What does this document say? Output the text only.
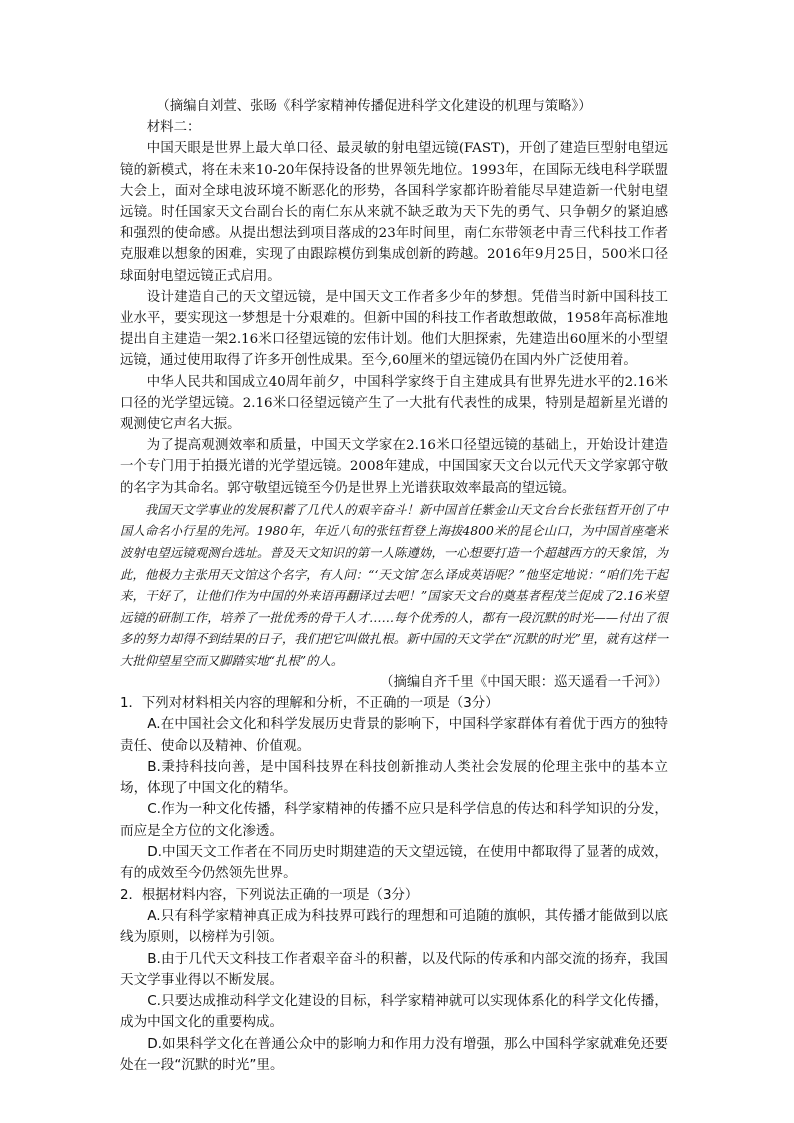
（摘编自刘萱、张旸《科学家精神传播促进科学文化建设的机理与策略》）

材料二：

中国天眼是世界上最大单口径、最灵敏的射电望远镜(FAST)，开创了建造巨型射电望远镜的新模式，将在未来10-20年保持设备的世界领先地位。1993年，在国际无线电科学联盟大会上，面对全球电波环境不断恶化的形势，各国科学家都许盼着能尽早建造新一代射电望远镜。时任国家天文台副台长的南仁东从来就不缺乏敢为天下先的勇气、只争朝夕的紧迫感和强烈的使命感。从提出想法到项目落成的23年时间里，南仁东带领老中青三代科技工作者克服难以想象的困难，实现了由跟踪模仿到集成创新的跨越。2016年9月25日，500米口径球面射电望远镜正式启用。

设计建造自己的天文望远镜，是中国天文工作者多少年的梦想。凭借当时新中国科技工业水平，要实现这一梦想是十分艰难的。但新中国的科技工作者敢想敢做，1958年高标准地提出自主建造一架2.16米口径望远镜的宏伟计划。他们大胆探索，先建造出60厘米的小型望远镜，通过使用取得了许多开创性成果。至今,60厘米的望远镜仍在国内外广泛使用着。

中华人民共和国成立40周年前夕，中国科学家终于自主建成具有世界先进水平的2.16米口径的光学望远镜。2.16米口径望远镜产生了一大批有代表性的成果，特别是超新星光谱的观测使它声名大振。

为了提高观测效率和质量，中国天文学家在2.16米口径望远镜的基础上，开始设计建造一个专门用于拍摄光谱的光学望远镜。2008年建成，中国国家天文台以元代天文学家郭守敬的名字为其命名。郭守敬望远镜至今仍是世界上光谱获取效率最高的望远镜。

我国天文学事业的发展积蓄了几代人的艰辛奋斗！新中国首任紫金山天文台台长张钰哲开创了中国人命名小行星的先河。1980年，年近八旬的张钰哲登上海拔4800米的昆仑山口，为中国首座毫米波射电望远镜观测台选址。普及天文知识的第一人陈遵妫，一心想要打造一个超越西方的天象馆，为此，他极力主张用天文馆这个名字，有人问：“‘天文馆’怎么译成英语呢？”他坚定地说：“咱们先干起来，干好了，让他们作为中国的外来语再翻译过去吧！”国家天文台的奠基者程茂兰促成了2.16米望远镜的研制工作，培养了一批优秀的骨干人才……每个优秀的人，都有一段沉默的时光——付出了很多的努力却得不到结果的日子，我们把它叫做扎根。新中国的天文学在“沉默的时光”里，就有这样一大批仰望星空而又脚踏实地“扎根”的人。

（摘编自齐千里《中国天眼：巡天遥看一千河》）

1．下列对材料相关内容的理解和分析，不正确的一项是（3分）

A.在中国社会文化和科学发展历史背景的影响下，中国科学家群体有着优于西方的独特责任、使命以及精神、价值观。

B.秉持科技向善，是中国科技界在科技创新推动人类社会发展的伦理主张中的基本立场，体现了中国文化的精华。

C.作为一种文化传播，科学家精神的传播不应只是科学信息的传达和科学知识的分发，而应是全方位的文化渗透。

D.中国天文工作者在不同历史时期建造的天文望远镜，在使用中都取得了显著的成效，有的成效至今仍然领先世界。

2．根据材料内容，下列说法正确的一项是（3分）

A.只有科学家精神真正成为科技界可践行的理想和可追随的旗帜，其传播才能做到以底线为原则，以榜样为引领。

B.由于几代天文科技工作者艰辛奋斗的积蓄，以及代际的传承和内部交流的扬弃，我国天文学事业得以不断发展。

C.只要达成推动科学文化建设的目标，科学家精神就可以实现体系化的科学文化传播，成为中国文化的重要构成。

D.如果科学文化在普通公众中的影响力和作用力没有增强，那么中国科学家就难免还要处在一段“沉默的时光”里。
